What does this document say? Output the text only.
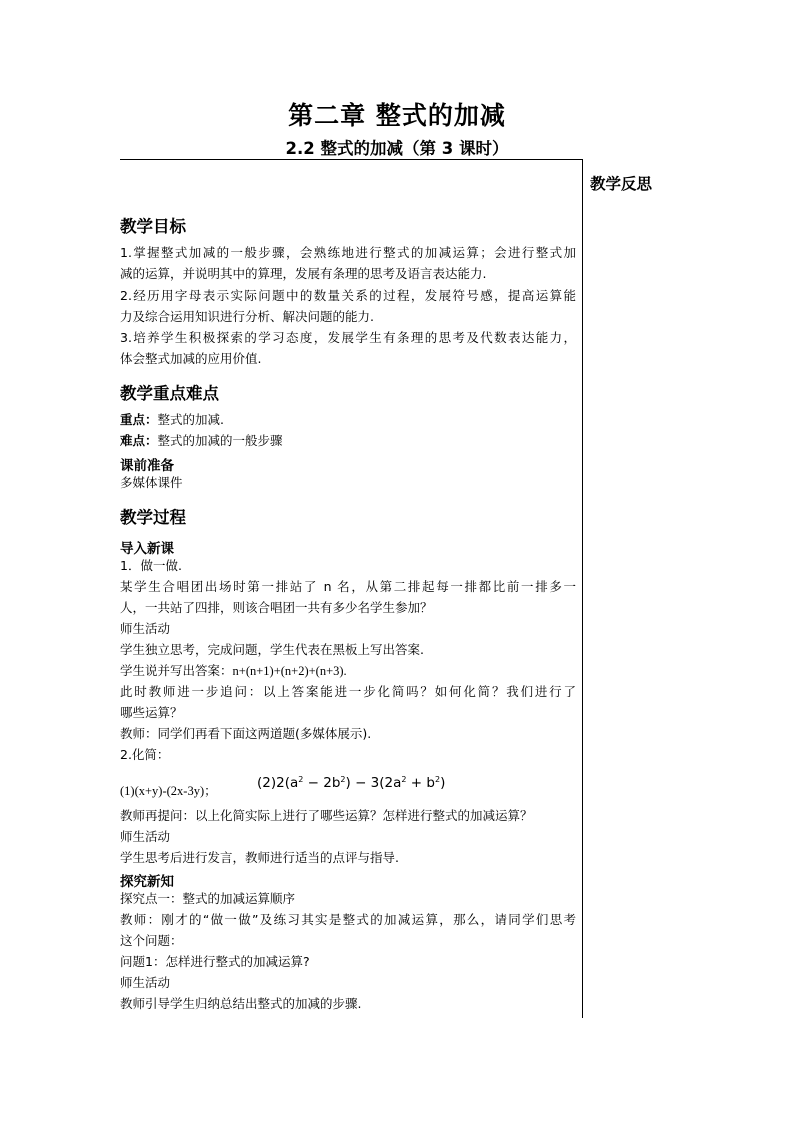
第二章 整式的加减
2.2 整式的加减（第 3 课时）
教学反思
教学目标
1.掌握整式加减的一般步骤，会熟练地进行整式的加减运算；会进行整式加
减的运算，并说明其中的算理，发展有条理的思考及语言表达能力.
2.经历用字母表示实际问题中的数量关系的过程，发展符号感，提高运算能
力及综合运用知识进行分析、解决问题的能力.
3.培养学生积极探索的学习态度，发展学生有条理的思考及代数表达能力，
体会整式加减的应用价值.
教学重点难点
重点：整式的加减.
难点：整式的加减的一般步骤
课前准备
多媒体课件
教学过程
导入新课
1．做一做.
某学生合唱团出场时第一排站了 n 名，从第二排起每一排都比前一排多一
人，一共站了四排，则该合唱团一共有多少名学生参加？
师生活动
学生独立思考，完成问题，学生代表在黑板上写出答案.
学生说并写出答案：n+(n+1)+(n+2)+(n+3).
此时教师进一步追问：以上答案能进一步化简吗？如何化简？我们进行了
哪些运算？
教师：同学们再看下面这两道题(多媒体展示).
2.化简：
(1)(x+y)-(2x-3y)；	$(2)2(a^2 - 2b^2) - 3(2a^2 + b^2)$
教师再提问：以上化简实际上进行了哪些运算？怎样进行整式的加减运算？
师生活动
学生思考后进行发言，教师进行适当的点评与指导.
探究新知
探究点一：整式的加减运算顺序
教师：刚才的“做一做”及练习其实是整式的加减运算，那么，请同学们思考
这个问题：
问题1：怎样进行整式的加减运算?
师生活动
教师引导学生归纳总结出整式的加减的步骤.
